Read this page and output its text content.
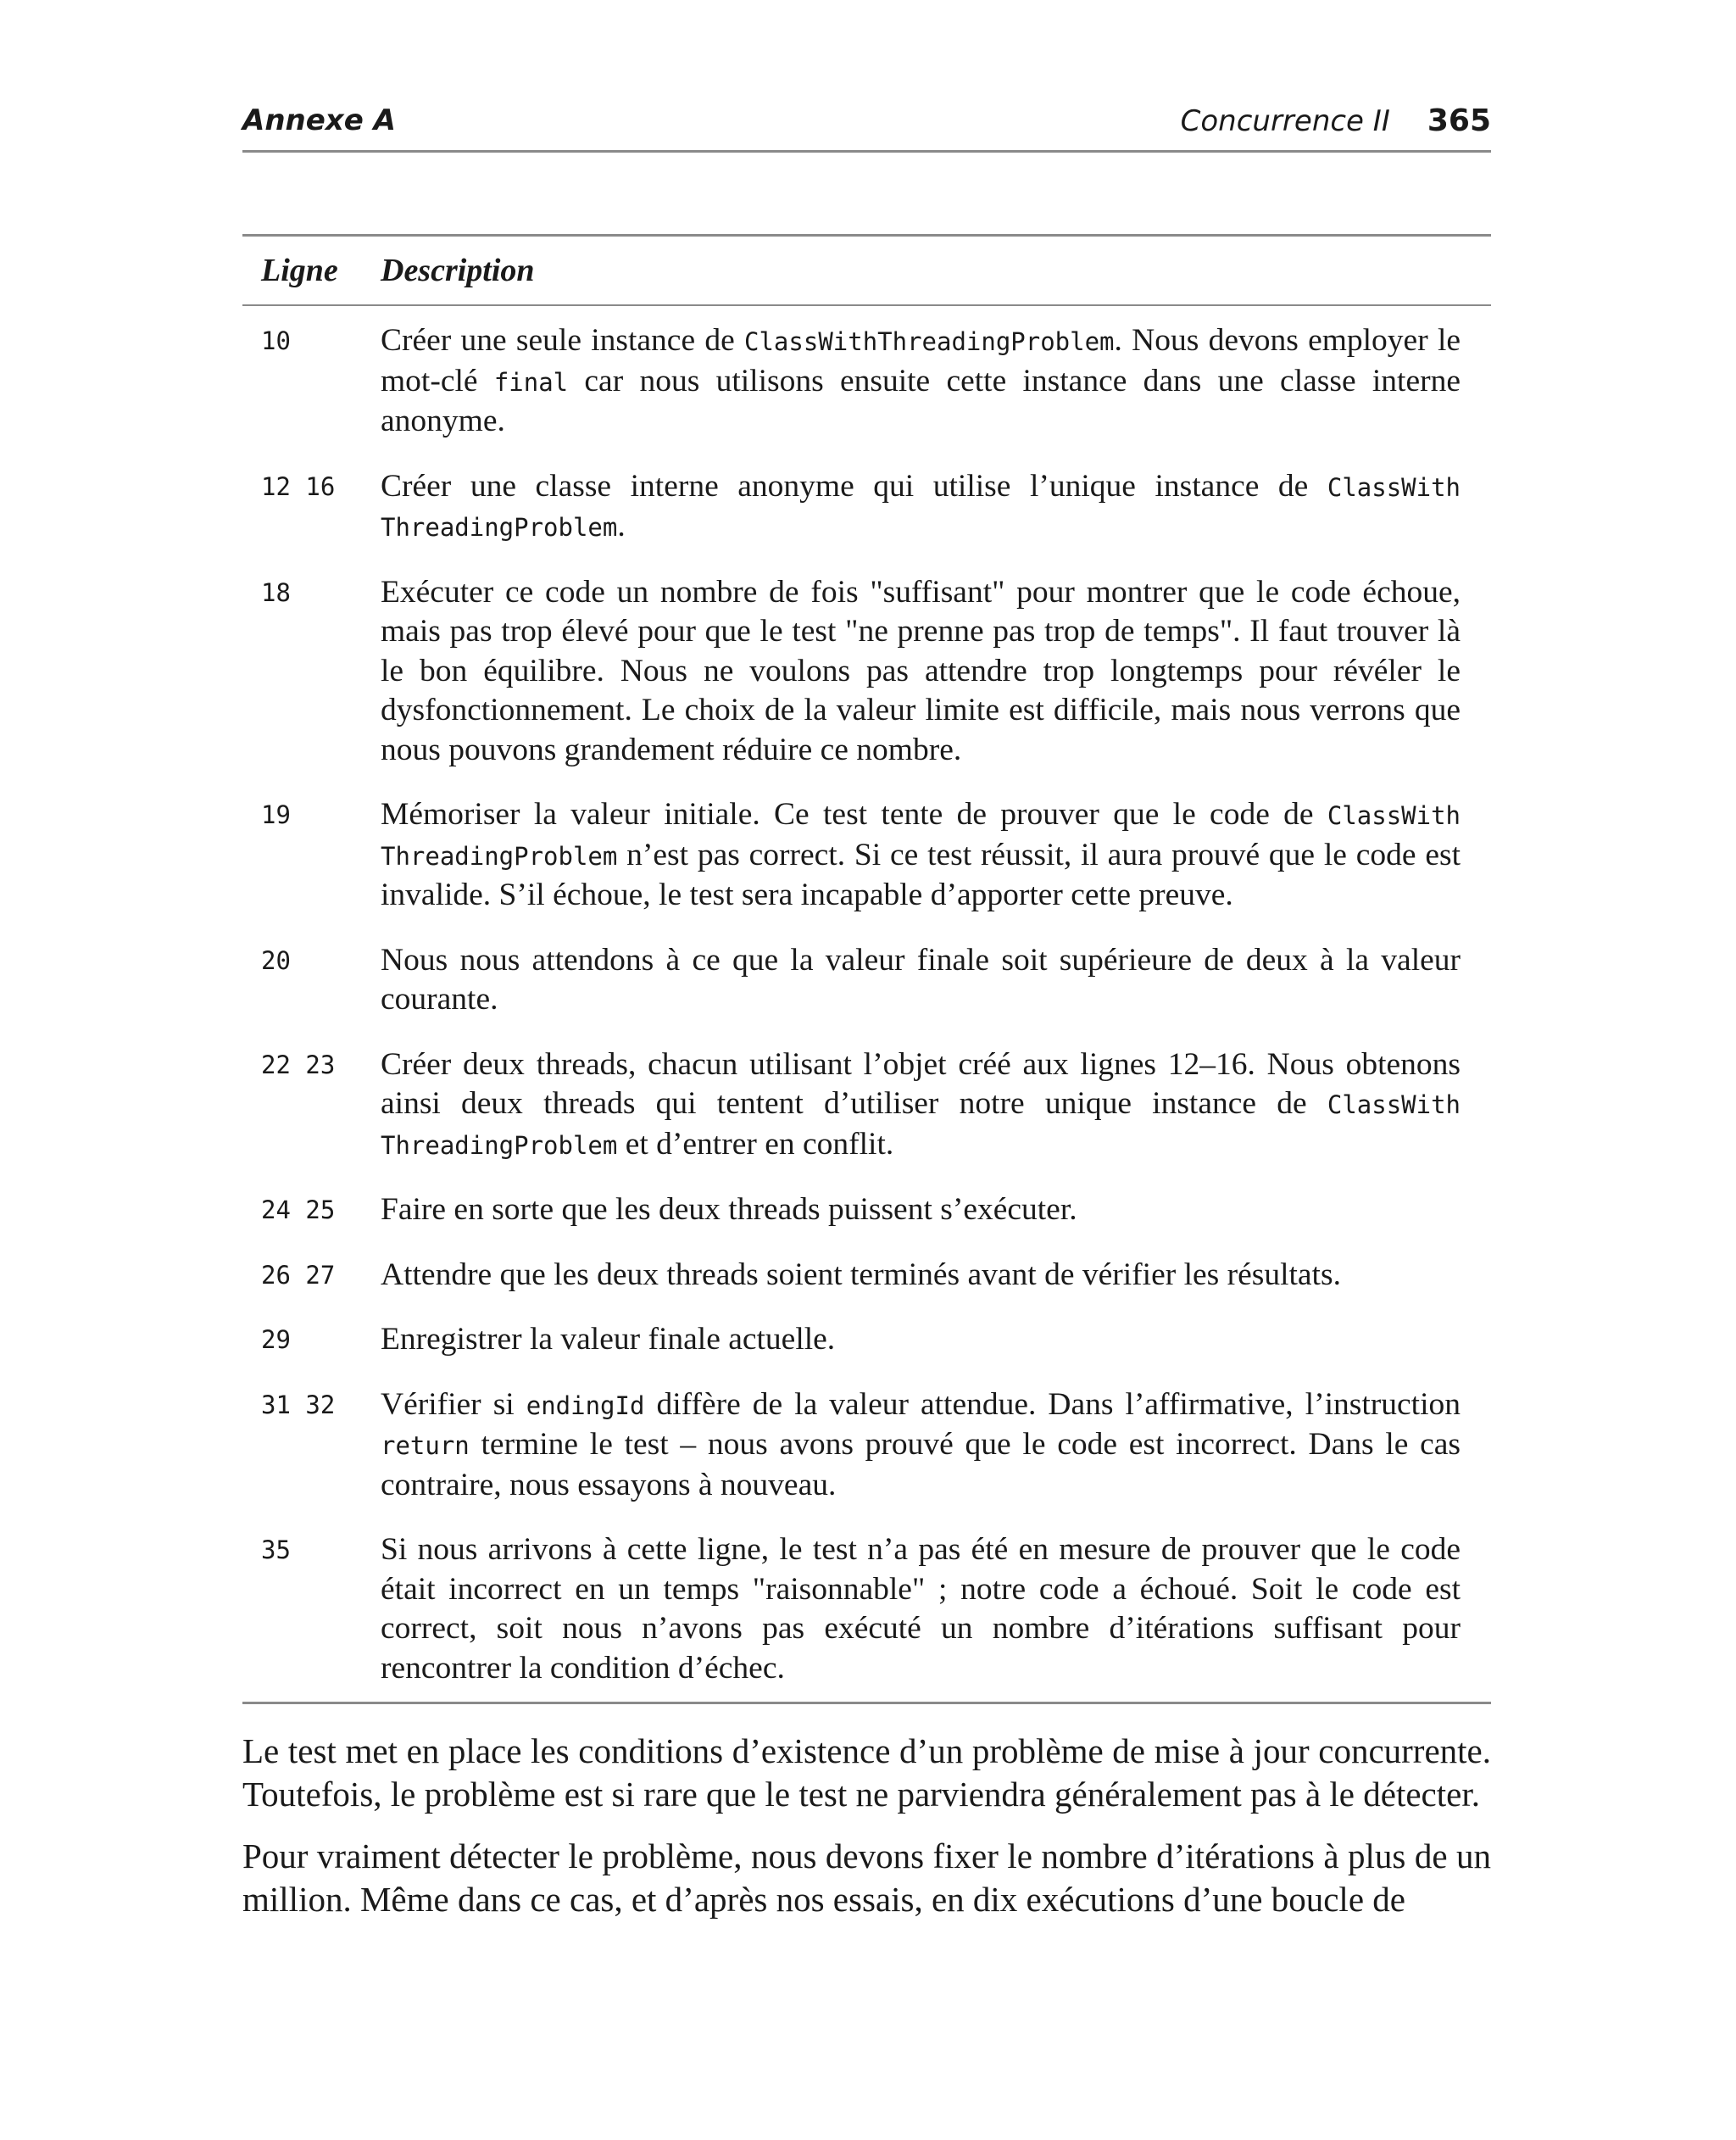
Annexe A	Concurrence II 365
Ligne	Description
10	Créer une seule instance de ClassWithThreadingProblem. Nous devons employer le mot-clé final car nous utilisons ensuite cette instance dans une classe interne anonyme.
12 16	Créer une classe interne anonyme qui utilise l’unique instance de ClassWith ThreadingProblem.
18	Exécuter ce code un nombre de fois "suffisant" pour montrer que le code échoue, mais pas trop élevé pour que le test "ne prenne pas trop de temps". Il faut trouver là le bon équilibre. Nous ne voulons pas attendre trop longtemps pour révéler le dysfonctionnement. Le choix de la valeur limite est difficile, mais nous verrons que nous pouvons grandement réduire ce nombre.
19	Mémoriser la valeur initiale. Ce test tente de prouver que le code de ClassWith ThreadingProblem n’est pas correct. Si ce test réussit, il aura prouvé que le code est invalide. S’il échoue, le test sera incapable d’apporter cette preuve.
20	Nous nous attendons à ce que la valeur finale soit supérieure de deux à la valeur courante.
22 23	Créer deux threads, chacun utilisant l’objet créé aux lignes 12–16. Nous obtenons ainsi deux threads qui tentent d’utiliser notre unique instance de ClassWith ThreadingProblem et d’entrer en conflit.
24 25	Faire en sorte que les deux threads puissent s’exécuter.
26 27	Attendre que les deux threads soient terminés avant de vérifier les résultats.
29	Enregistrer la valeur finale actuelle.
31 32	Vérifier si endingId diffère de la valeur attendue. Dans l’affirmative, l’instruction return termine le test – nous avons prouvé que le code est incorrect. Dans le cas contraire, nous essayons à nouveau.
35	Si nous arrivons à cette ligne, le test n’a pas été en mesure de prouver que le code était incorrect en un temps "raisonnable" ; notre code a échoué. Soit le code est correct, soit nous n’avons pas exécuté un nombre d’itérations suffisant pour rencontrer la condition d’échec.

Le test met en place les conditions d’existence d’un problème de mise à jour concurrente. Toutefois, le problème est si rare que le test ne parviendra généralement pas à le détecter.

Pour vraiment détecter le problème, nous devons fixer le nombre d’itérations à plus de un million. Même dans ce cas, et d’après nos essais, en dix exécutions d’une boucle de
